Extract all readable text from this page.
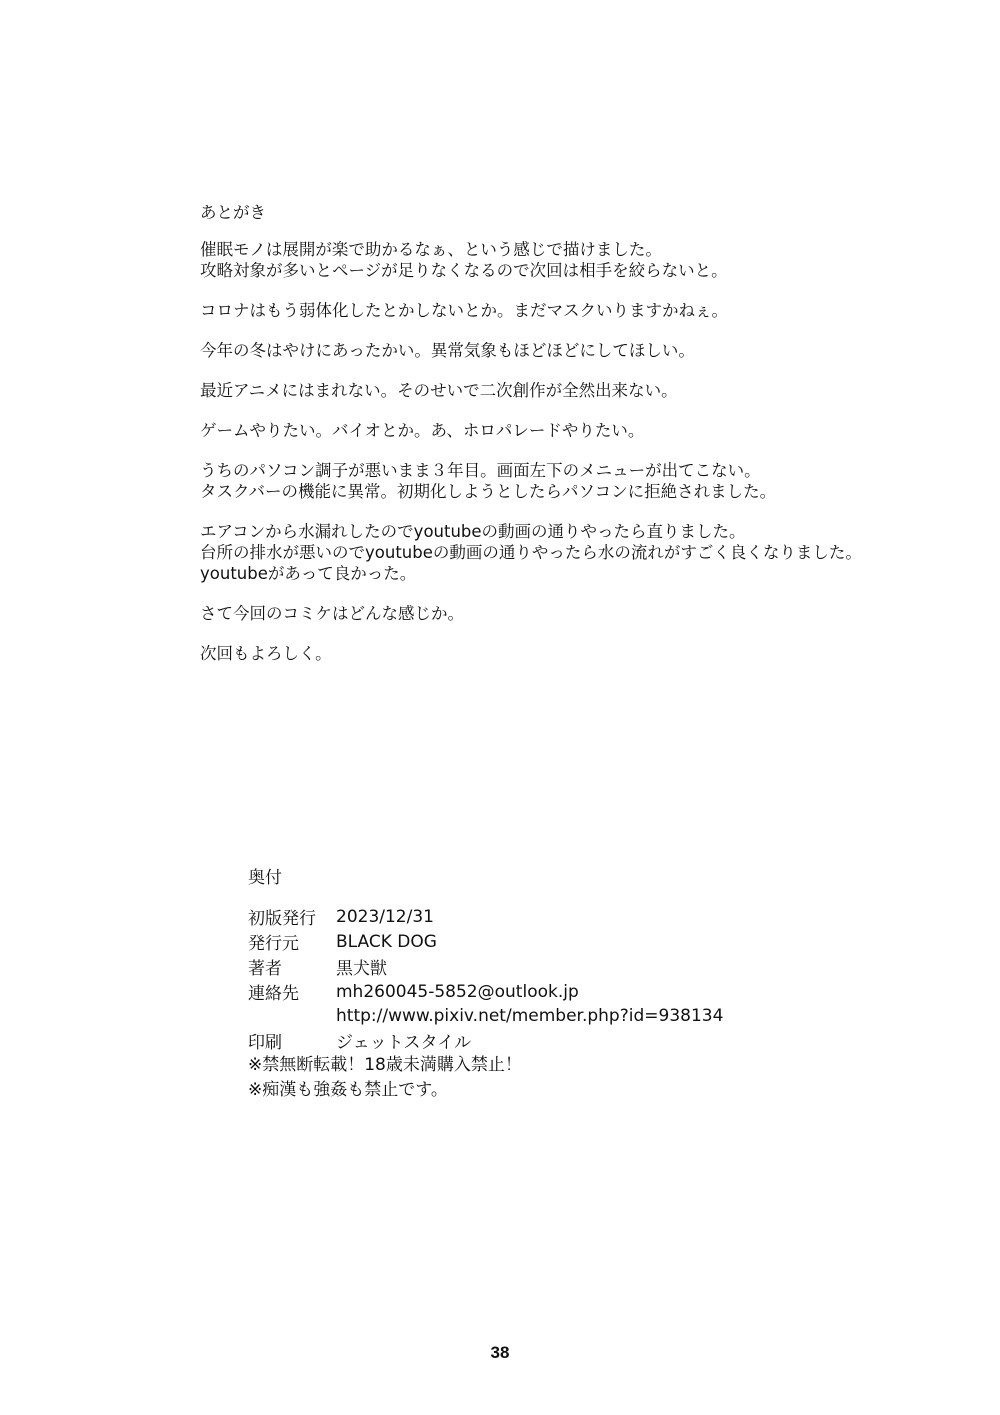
あとがき
催眠モノは展開が楽で助かるなぁ、という感じで描けました。
攻略対象が多いとページが足りなくなるので次回は相手を絞らないと。
コロナはもう弱体化したとかしないとか。まだマスクいりますかねぇ。
今年の冬はやけにあったかい。異常気象もほどほどにしてほしい。
最近アニメにはまれない。そのせいで二次創作が全然出来ない。
ゲームやりたい。バイオとか。あ、ホロパレードやりたい。
うちのパソコン調子が悪いまま３年目。画面左下のメニューが出てこない。
タスクバーの機能に異常。初期化しようとしたらパソコンに拒絶されました。
エアコンから水漏れしたのでyoutubeの動画の通りやったら直りました。
台所の排水が悪いのでyoutubeの動画の通りやったら水の流れがすごく良くなりました。
youtubeがあって良かった。
さて今回のコミケはどんな感じか。
次回もよろしく。
奥付
初版発行	2023/12/31
発行元	BLACK DOG
著者	黒犬獣
連絡先	mh260045-5852@outlook.jp
	http://www.pixiv.net/member.php?id=938134
印刷	ジェットスタイル
※禁無断転載！18歳未満購入禁止！
※痴漢も強姦も禁止です。
38
